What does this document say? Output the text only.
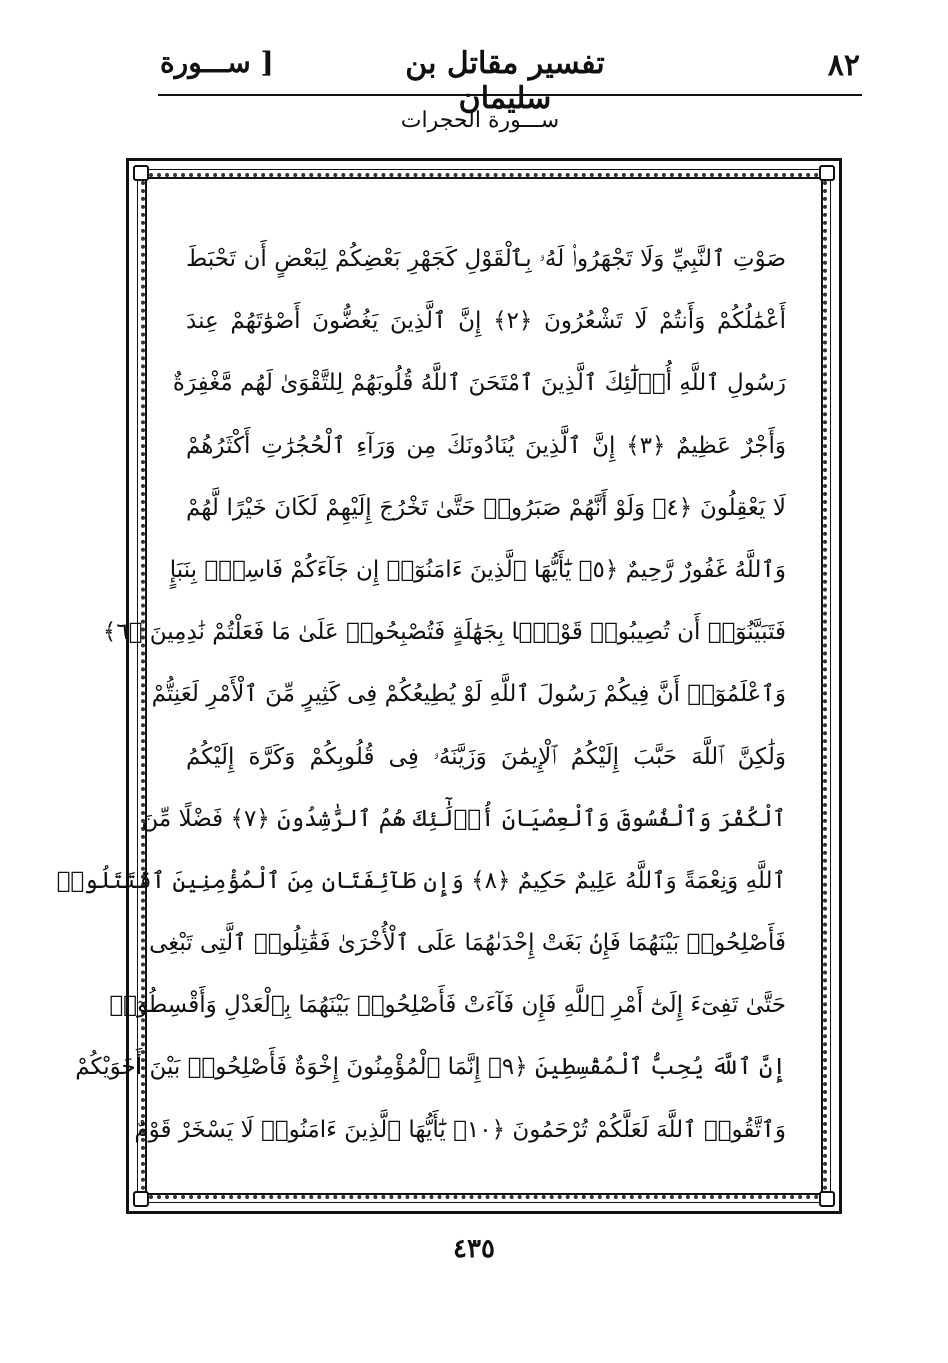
٨٢
تفسير مقاتل بن سليمان
[ ســـورة
ســـورة الحجرات
صَوْتِ ٱلنَّبِيِّ وَلَا تَجْهَرُوا۟ لَهُۥ بِٱلْقَوْلِ كَجَهْرِ بَعْضِكُمْ لِبَعْضٍ أَن تَحْبَطَ
أَعْمَٰلُكُمْ وَأَنتُمْ لَا تَشْعُرُونَ ﴿٢﴾ إِنَّ ٱلَّذِينَ يَغُضُّونَ أَصْوَٰتَهُمْ عِندَ
رَسُولِ ٱللَّهِ أُو۟لَٰٓئِكَ ٱلَّذِينَ ٱمْتَحَنَ ٱللَّهُ قُلُوبَهُمْ لِلتَّقْوَىٰ لَهُم مَّغْفِرَةٌ
وَأَجْرٌ عَظِيمٌ ﴿٣﴾ إِنَّ ٱلَّذِينَ يُنَادُونَكَ مِن وَرَآءِ ٱلْحُجُرَٰتِ أَكْثَرُهُمْ
لَا يَعْقِلُونَ ﴿٤﴾ وَلَوْ أَنَّهُمْ صَبَرُوا۟ حَتَّىٰ تَخْرُجَ إِلَيْهِمْ لَكَانَ خَيْرًا لَّهُمْ
وَٱللَّهُ غَفُورٌ رَّحِيمٌ ﴿٥﴾ يَٰٓأَيُّهَا ٱلَّذِينَ ءَامَنُوٓا۟ إِن جَآءَكُمْ فَاسِقٌۢ بِنَبَإٍ
فَتَبَيَّنُوٓا۟ أَن تُصِيبُوا۟ قَوْمًۢا بِجَهَٰلَةٍ فَتُصْبِحُوا۟ عَلَىٰ مَا فَعَلْتُمْ نَٰدِمِينَ ﴿٦﴾
وَٱعْلَمُوٓا۟ أَنَّ فِيكُمْ رَسُولَ ٱللَّهِ لَوْ يُطِيعُكُمْ فِى كَثِيرٍ مِّنَ ٱلْأَمْرِ لَعَنِتُّمْ
وَلَٰكِنَّ ٱللَّهَ حَبَّبَ إِلَيْكُمُ ٱلْإِيمَٰنَ وَزَيَّنَهُۥ فِى قُلُوبِكُمْ وَكَرَّهَ إِلَيْكُمُ
ٱلْكُفْرَ وَٱلْفُسُوقَ وَٱلْعِصْيَانَ أُو۟لَٰٓئِكَ هُمُ ٱلرَّٰشِدُونَ ﴿٧﴾ فَضْلًا مِّنَ
ٱللَّهِ وَنِعْمَةً وَٱللَّهُ عَلِيمٌ حَكِيمٌ ﴿٨﴾ وَإِن طَآئِفَتَانِ مِنَ ٱلْمُؤْمِنِينَ ٱقْتَتَلُوا۟
فَأَصْلِحُوا۟ بَيْنَهُمَا فَإِنۢ بَغَتْ إِحْدَىٰهُمَا عَلَى ٱلْأُخْرَىٰ فَقَٰتِلُوا۟ ٱلَّتِى تَبْغِى
حَتَّىٰ تَفِىٓءَ إِلَىٰٓ أَمْرِ ٱللَّهِ فَإِن فَآءَتْ فَأَصْلِحُوا۟ بَيْنَهُمَا بِٱلْعَدْلِ وَأَقْسِطُوٓا۟
إِنَّ ٱللَّهَ يُحِبُّ ٱلْمُقْسِطِينَ ﴿٩﴾ إِنَّمَا ٱلْمُؤْمِنُونَ إِخْوَةٌ فَأَصْلِحُوا۟ بَيْنَ أَخَوَيْكُمْ
وَٱتَّقُوا۟ ٱللَّهَ لَعَلَّكُمْ تُرْحَمُونَ ﴿١٠﴾ يَٰٓأَيُّهَا ٱلَّذِينَ ءَامَنُوا۟ لَا يَسْخَرْ قَوْمٌ
٤٣٥
